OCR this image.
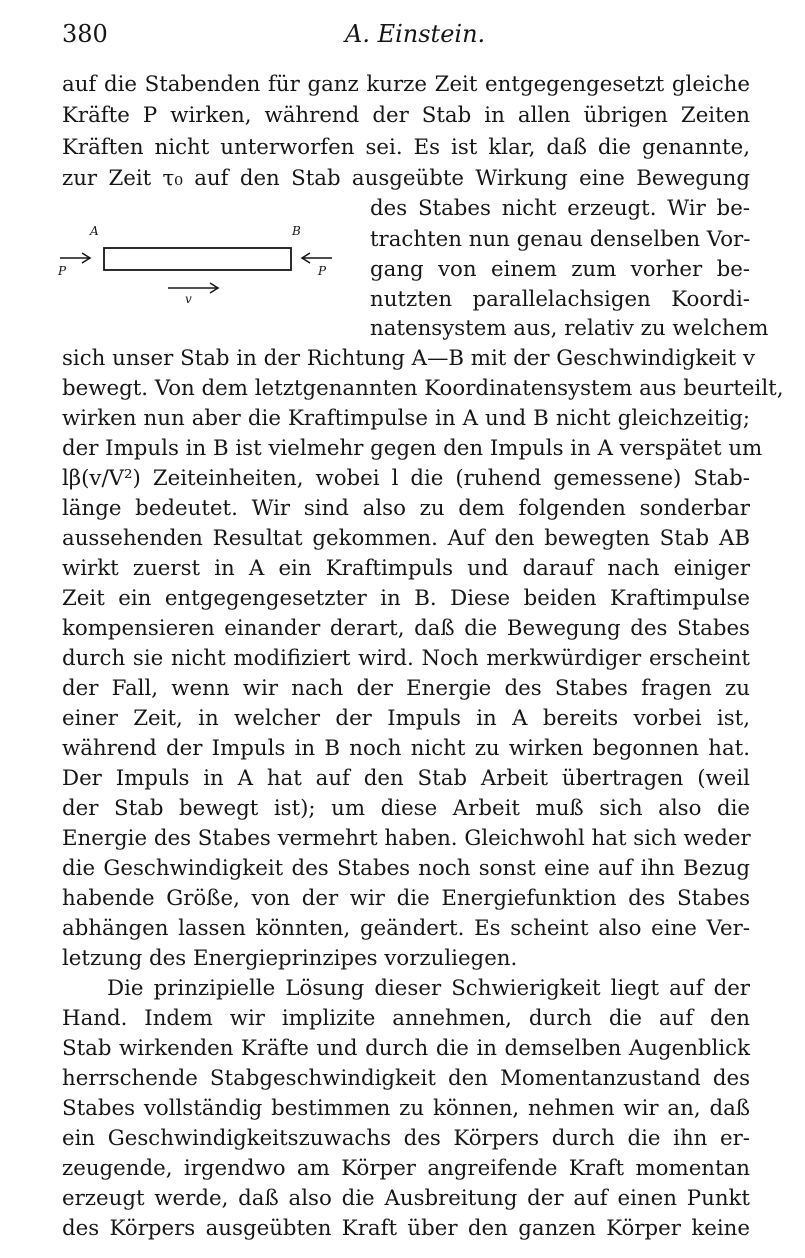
380	A. Einstein.
A	B
P	P
v
auf die Stabenden für ganz kurze Zeit entgegengesetzt gleiche
Kräfte P wirken, während der Stab in allen übrigen Zeiten
Kräften nicht unterworfen sei. Es ist klar, daß die genannte,
zur Zeit τ₀ auf den Stab ausgeübte Wirkung eine Bewegung
des Stabes nicht erzeugt. Wir be-
trachten nun genau denselben Vor-
gang von einem zum vorher be-
nutzten parallelachsigen Koordi-
natensystem aus, relativ zu welchem
sich unser Stab in der Richtung A—B mit der Geschwindigkeit v
bewegt. Von dem letztgenannten Koordinatensystem aus beurteilt,
wirken nun aber die Kraftimpulse in A und B nicht gleichzeitig;
der Impuls in B ist vielmehr gegen den Impuls in A verspätet um
lβ(v/V²) Zeiteinheiten, wobei l die (ruhend gemessene) Stab-
länge bedeutet. Wir sind also zu dem folgenden sonderbar
aussehenden Resultat gekommen. Auf den bewegten Stab AB
wirkt zuerst in A ein Kraftimpuls und darauf nach einiger
Zeit ein entgegengesetzter in B. Diese beiden Kraftimpulse
kompensieren einander derart, daß die Bewegung des Stabes
durch sie nicht modifiziert wird. Noch merkwürdiger erscheint
der Fall, wenn wir nach der Energie des Stabes fragen zu
einer Zeit, in welcher der Impuls in A bereits vorbei ist,
während der Impuls in B noch nicht zu wirken begonnen hat.
Der Impuls in A hat auf den Stab Arbeit übertragen (weil
der Stab bewegt ist); um diese Arbeit muß sich also die
Energie des Stabes vermehrt haben. Gleichwohl hat sich weder
die Geschwindigkeit des Stabes noch sonst eine auf ihn Bezug
habende Größe, von der wir die Energiefunktion des Stabes
abhängen lassen könnten, geändert. Es scheint also eine Ver-
letzung des Energieprinzipes vorzuliegen.
Die prinzipielle Lösung dieser Schwierigkeit liegt auf der
Hand. Indem wir implizite annehmen, durch die auf den
Stab wirkenden Kräfte und durch die in demselben Augenblick
herrschende Stabgeschwindigkeit den Momentanzustand des
Stabes vollständig bestimmen zu können, nehmen wir an, daß
ein Geschwindigkeitszuwachs des Körpers durch die ihn er-
zeugende, irgendwo am Körper angreifende Kraft momentan
erzeugt werde, daß also die Ausbreitung der auf einen Punkt
des Körpers ausgeübten Kraft über den ganzen Körper keine
